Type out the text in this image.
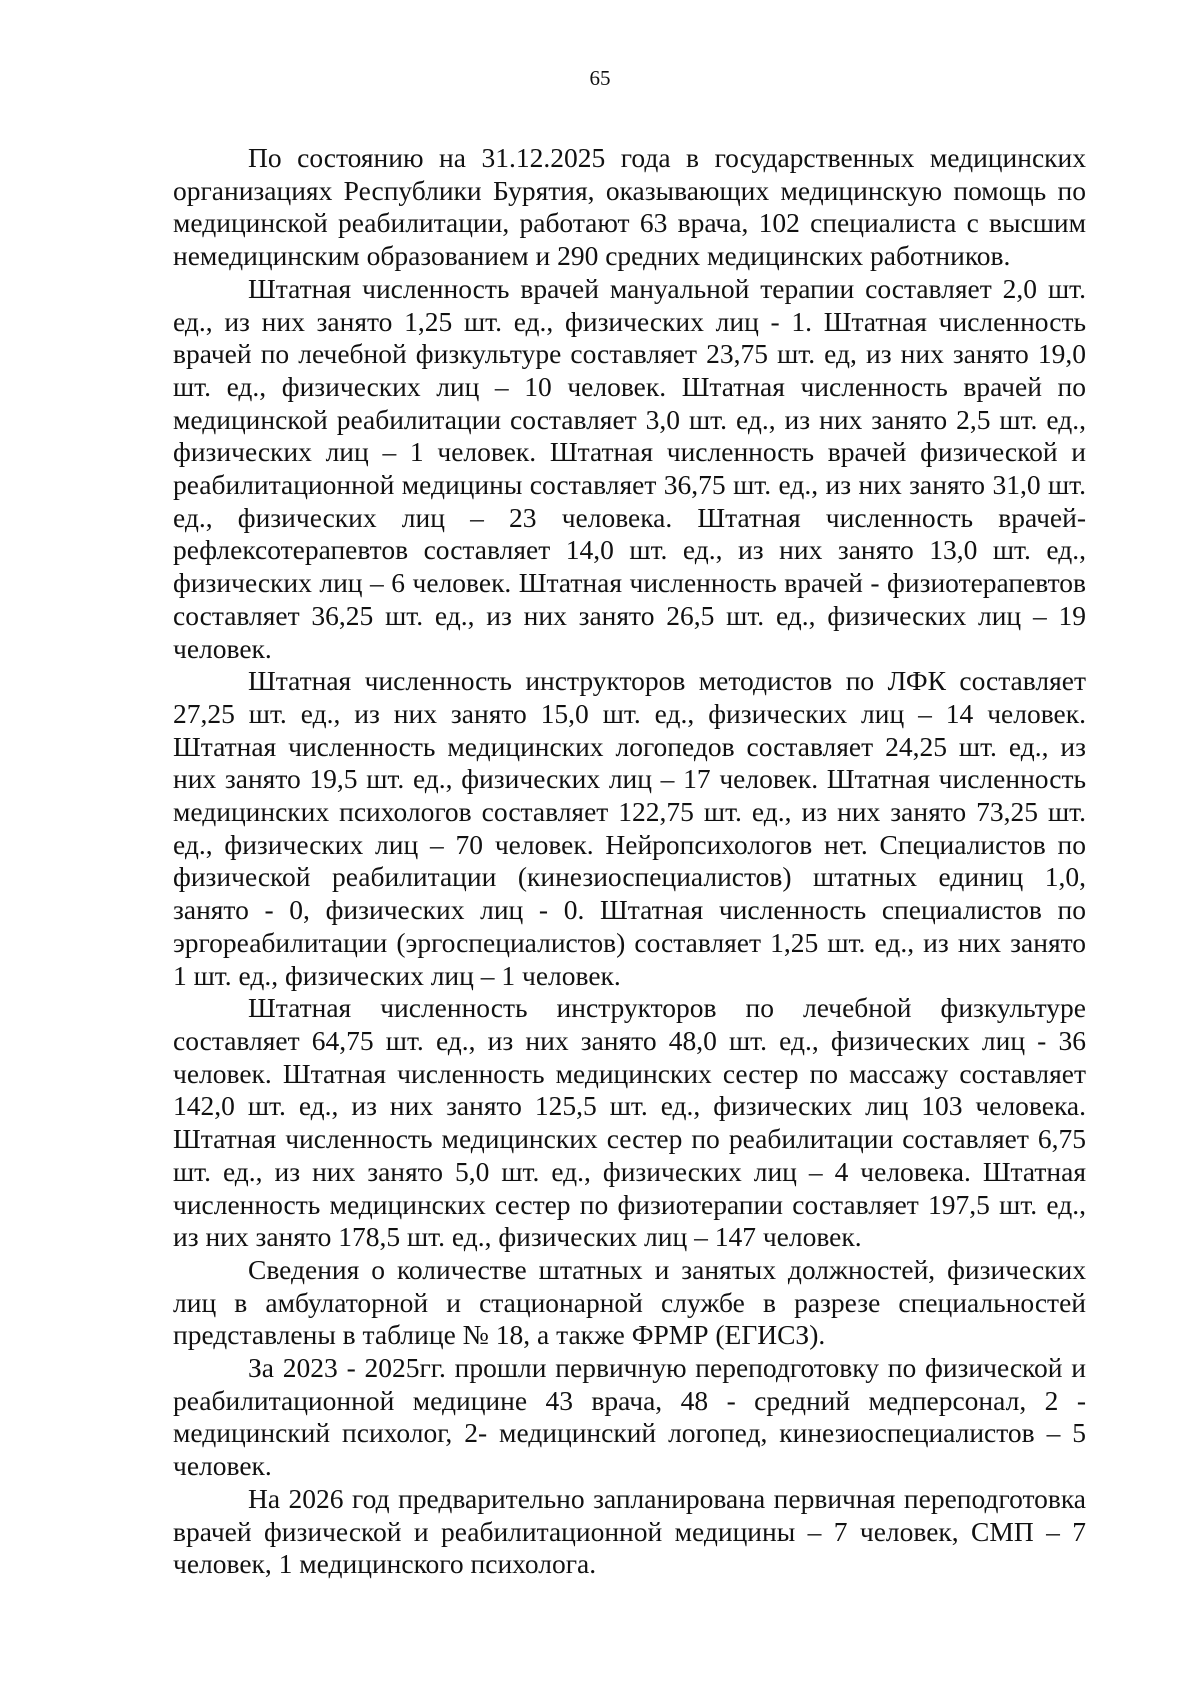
65

По состоянию на 31.12.2025 года в государственных медицинских организациях Республики Бурятия, оказывающих медицинскую помощь по медицинской реабилитации, работают 63 врача, 102 специалиста с высшим немедицинским образованием и 290 средних медицинских работников.

Штатная численность врачей мануальной терапии составляет 2,0 шт. ед., из них занято 1,25 шт. ед., физических лиц - 1. Штатная численность врачей по лечебной физкультуре составляет 23,75 шт. ед, из них занято 19,0 шт. ед., физических лиц – 10 человек. Штатная численность врачей по медицинской реабилитации составляет 3,0 шт. ед., из них занято 2,5 шт. ед., физических лиц – 1 человек. Штатная численность врачей физической и реабилитационной медицины составляет 36,75 шт. ед., из них занято 31,0 шт. ед., физических лиц – 23 человека. Штатная численность врачей-рефлексотерапевтов составляет 14,0 шт. ед., из них занято 13,0 шт. ед., физических лиц – 6 человек. Штатная численность врачей - физиотерапевтов составляет 36,25 шт. ед., из них занято 26,5 шт. ед., физических лиц – 19 человек.

Штатная численность инструкторов методистов по ЛФК составляет 27,25 шт. ед., из них занято 15,0 шт. ед., физических лиц – 14 человек. Штатная численность медицинских логопедов составляет 24,25 шт. ед., из них занято 19,5 шт. ед., физических лиц – 17 человек. Штатная численность медицинских психологов составляет 122,75 шт. ед., из них занято 73,25 шт. ед., физических лиц – 70 человек. Нейропсихологов нет. Специалистов по физической реабилитации (кинезиоспециалистов) штатных единиц 1,0, занято - 0, физических лиц - 0. Штатная численность специалистов по эргореабилитации (эргоспециалистов) составляет 1,25 шт. ед., из них занято 1 шт. ед., физических лиц – 1 человек.

Штатная численность инструкторов по лечебной физкультуре составляет 64,75 шт. ед., из них занято 48,0 шт. ед., физических лиц - 36 человек. Штатная численность медицинских сестер по массажу составляет 142,0 шт. ед., из них занято 125,5 шт. ед., физических лиц 103 человека. Штатная численность медицинских сестер по реабилитации составляет 6,75 шт. ед., из них занято 5,0 шт. ед., физических лиц – 4 человека. Штатная численность медицинских сестер по физиотерапии составляет 197,5 шт. ед., из них занято 178,5 шт. ед., физических лиц – 147 человек.

Сведения о количестве штатных и занятых должностей, физических лиц в амбулаторной и стационарной службе в разрезе специальностей представлены в таблице № 18, а также ФРМР (ЕГИСЗ).

За 2023 - 2025гг. прошли первичную переподготовку по физической и реабилитационной медицине 43 врача, 48 - средний медперсонал, 2 - медицинский психолог, 2- медицинский логопед, кинезиоспециалистов – 5 человек.

На 2026 год предварительно запланирована первичная переподготовка врачей физической и реабилитационной медицины – 7 человек, СМП – 7 человек, 1 медицинского психолога.
